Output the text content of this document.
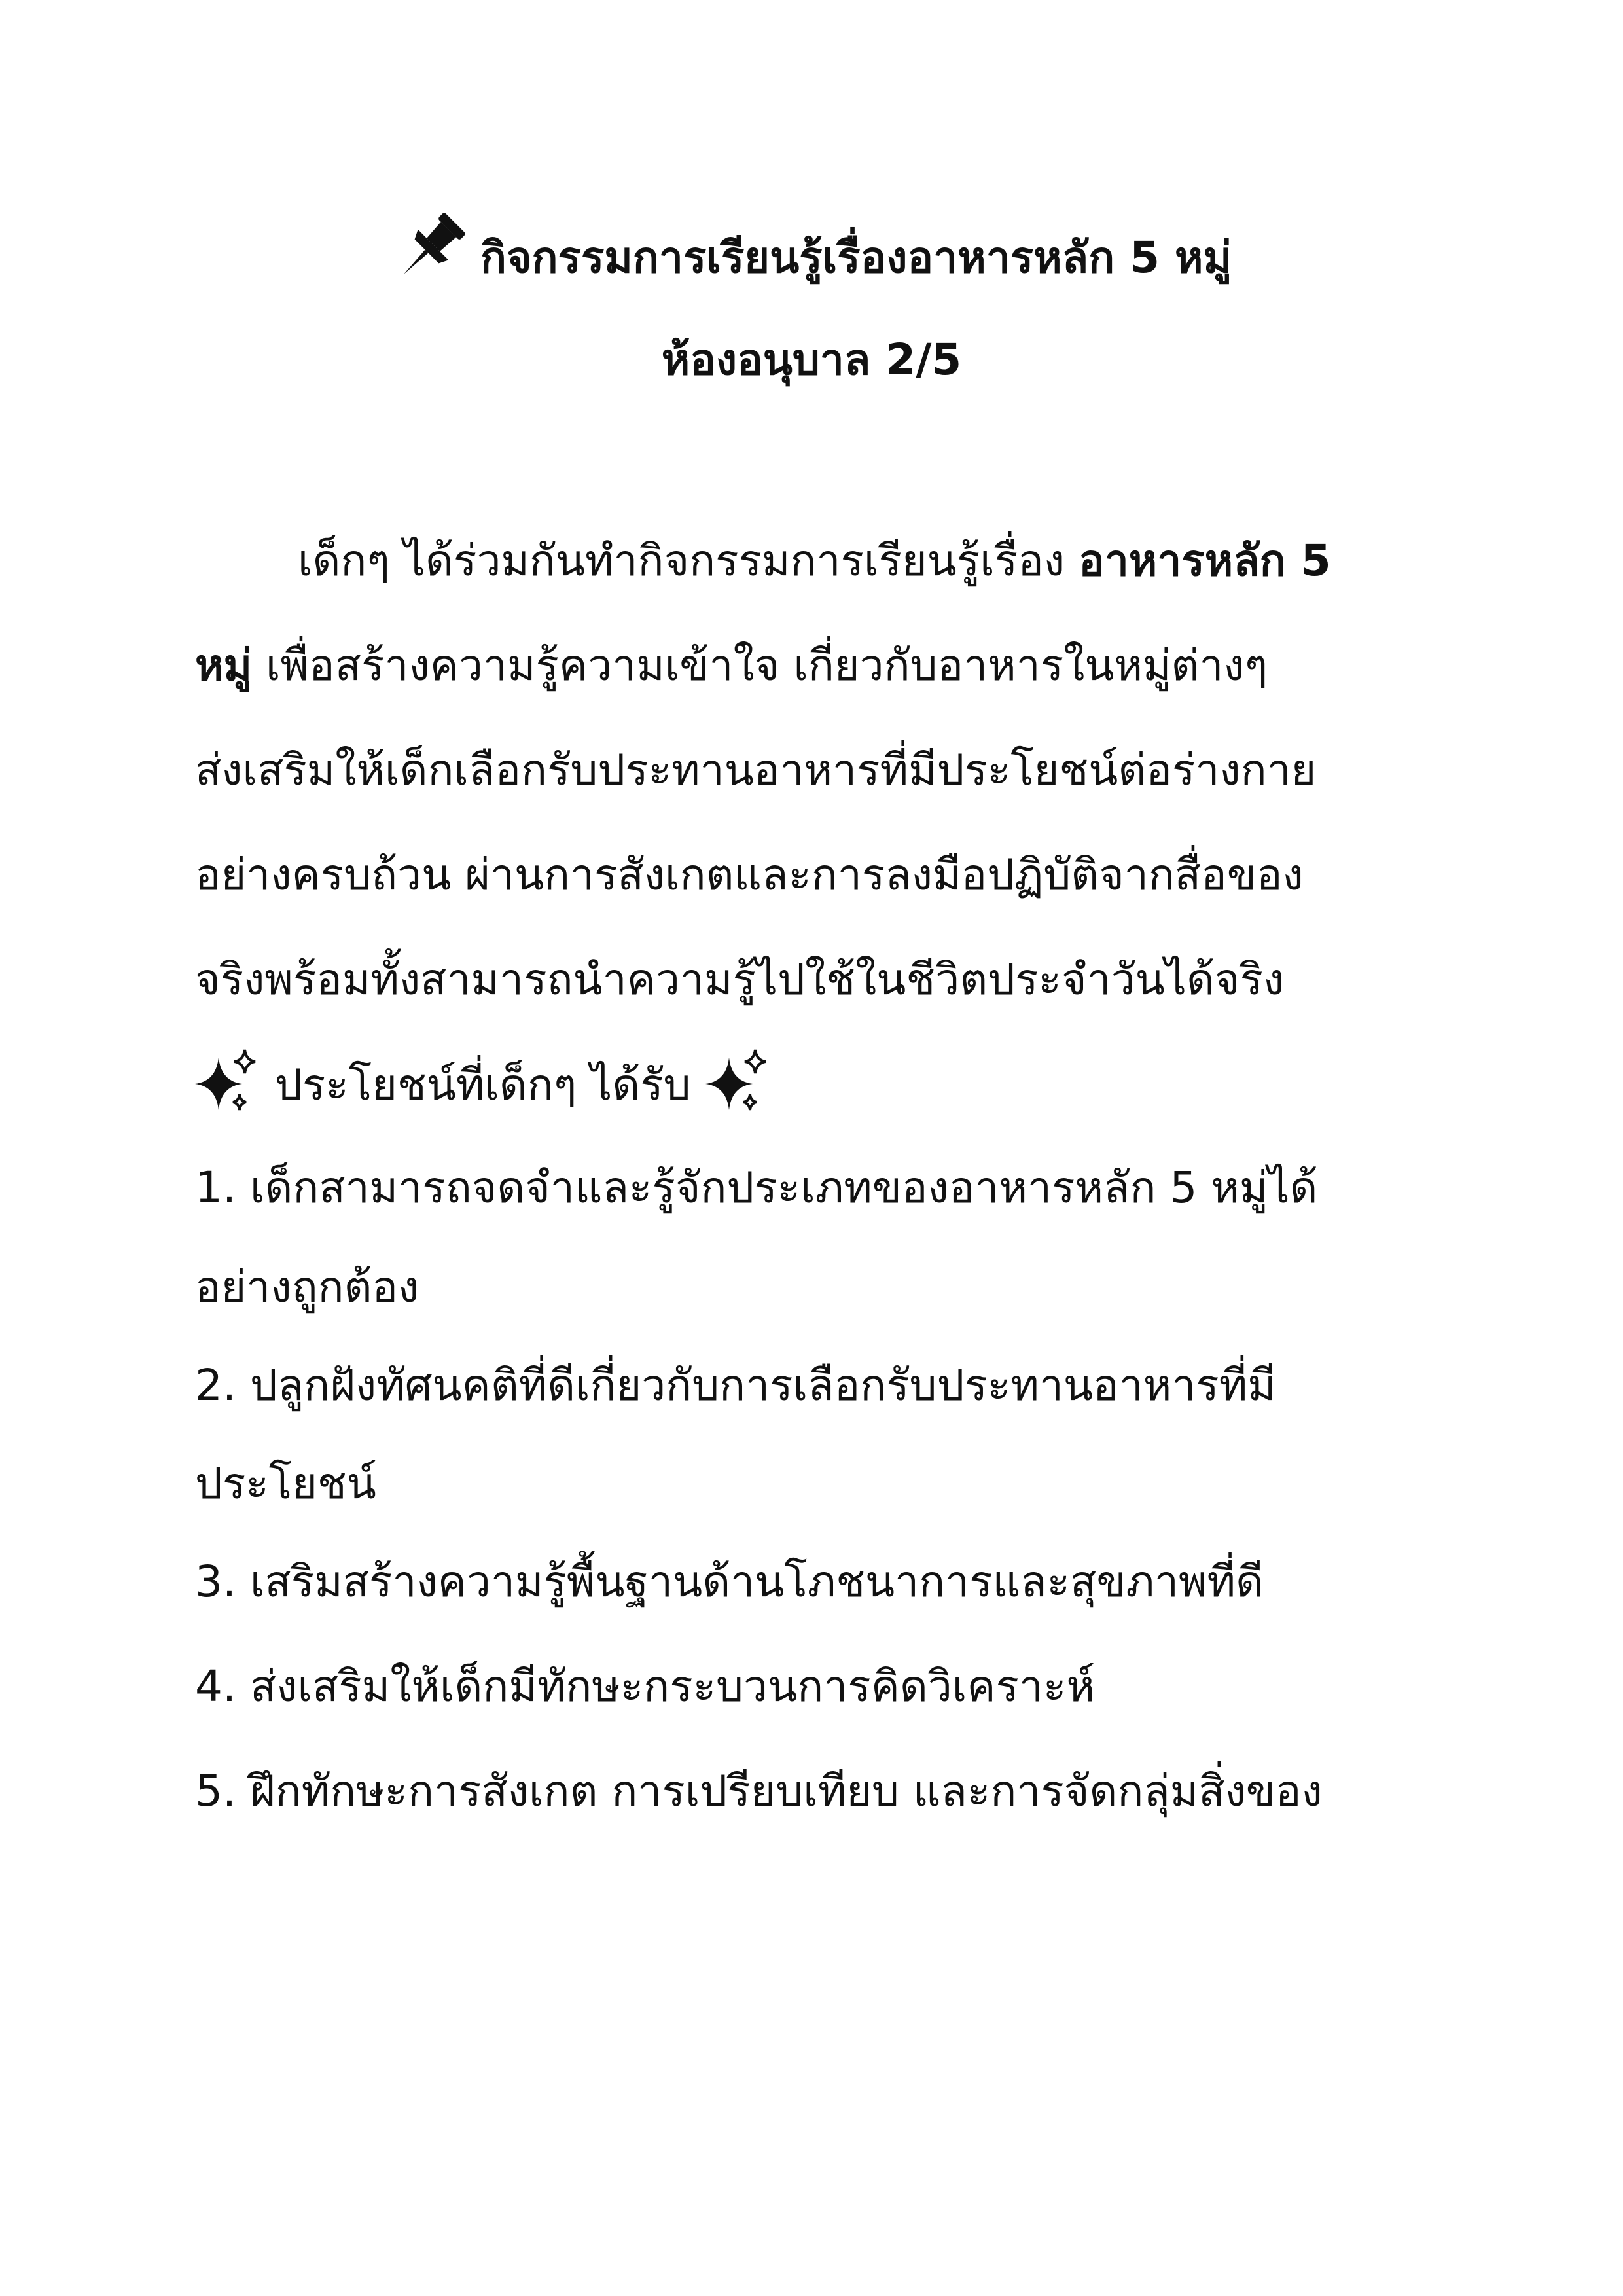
กิจกรรมการเรียนรู้เรื่องอาหารหลัก 5 หมู่
ห้องอนุบาล 2/5
เด็กๆ ได้ร่วมกันทำกิจกรรมการเรียนรู้เรื่อง อาหารหลัก 5
หมู่ เพื่อสร้างความรู้ความเข้าใจ เกี่ยวกับอาหารในหมู่ต่างๆ
ส่งเสริมให้เด็กเลือกรับประทานอาหารที่มีประโยชน์ต่อร่างกาย
อย่างครบถ้วน ผ่านการสังเกตและการลงมือปฏิบัติจากสื่อของ
จริงพร้อมทั้งสามารถนำความรู้ไปใช้ในชีวิตประจำวันได้จริง
ประโยชน์ที่เด็กๆ ได้รับ
1. เด็กสามารถจดจำและรู้จักประเภทของอาหารหลัก 5 หมู่ได้
อย่างถูกต้อง
2. ปลูกฝังทัศนคติที่ดีเกี่ยวกับการเลือกรับประทานอาหารที่มี
ประโยชน์
3. เสริมสร้างความรู้พื้นฐานด้านโภชนาการและสุขภาพที่ดี
4. ส่งเสริมให้เด็กมีทักษะกระบวนการคิดวิเคราะห์
5. ฝึกทักษะการสังเกต การเปรียบเทียบ และการจัดกลุ่มสิ่งของ
